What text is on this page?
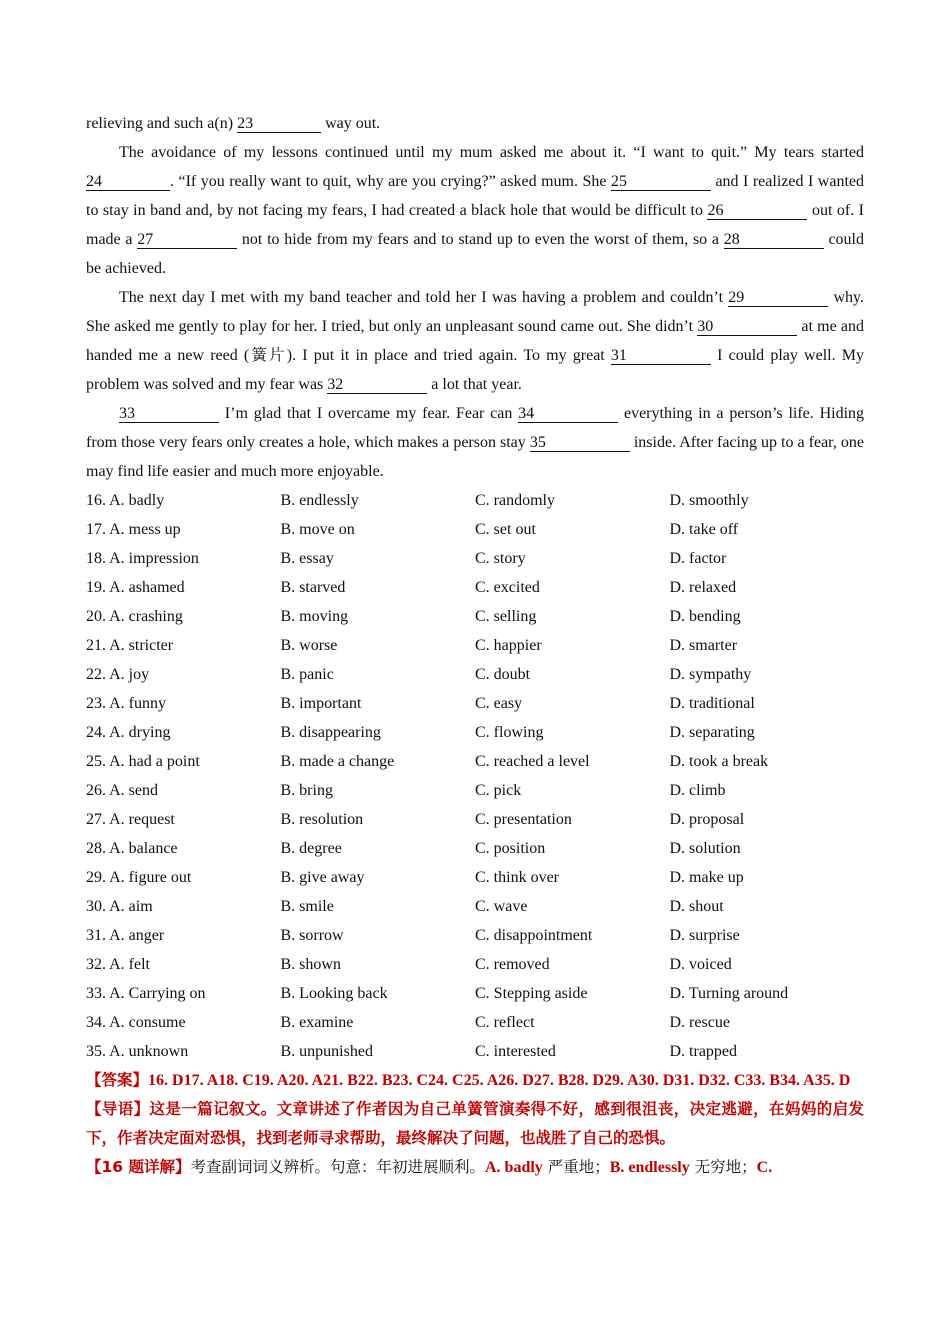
relieving and such a(n) 23	way out.

The avoidance of my lessons continued until my mum asked me about it. “I want to quit.” My tears started 24	. “If you really want to quit, why are you crying?” asked mum. She 25	and I realized I wanted to stay in band and, by not facing my fears, I had created a black hole that would be difficult to 26	out of. I made a 27	not to hide from my fears and to stand up to even the worst of them, so a 28	could be achieved.

The next day I met with my band teacher and told her I was having a problem and couldn’t 29	why. She asked me gently to play for her. I tried, but only an unpleasant sound came out. She didn’t 30	at me and handed me a new reed (簧片). I put it in place and tried again. To my great 31	I could play well. My problem was solved and my fear was 32	a lot that year.

33	I’m glad that I overcame my fear. Fear can 34	everything in a person’s life. Hiding from those very fears only creates a hole, which makes a person stay 35	inside. After facing up to a fear, one may find life easier and much more enjoyable.

16. A. badly	B. endlessly	C. randomly	D. smoothly
17. A. mess up	B. move on	C. set out	D. take off
18. A. impression	B. essay	C. story	D. factor
19. A. ashamed	B. starved	C. excited	D. relaxed
20. A. crashing	B. moving	C. selling	D. bending
21. A. stricter	B. worse	C. happier	D. smarter
22. A. joy	B. panic	C. doubt	D. sympathy
23. A. funny	B. important	C. easy	D. traditional
24. A. drying	B. disappearing	C. flowing	D. separating
25. A. had a point	B. made a change	C. reached a level	D. took a break
26. A. send	B. bring	C. pick	D. climb
27. A. request	B. resolution	C. presentation	D. proposal
28. A. balance	B. degree	C. position	D. solution
29. A. figure out	B. give away	C. think over	D. make up
30. A. aim	B. smile	C. wave	D. shout
31. A. anger	B. sorrow	C. disappointment	D. surprise
32. A. felt	B. shown	C. removed	D. voiced
33. A. Carrying on	B. Looking back	C. Stepping aside	D. Turning around
34. A. consume	B. examine	C. reflect	D. rescue
35. A. unknown	B. unpunished	C. interested	D. trapped

【答案】16. D17. A18. C19. A20. A21. B22. B23. C24. C25. A26. D27. B28. D29. A30. D31. D32. C33. B34. A35. D

【导语】这是一篇记叙文。文章讲述了作者因为自己单簧管演奏得不好，感到很沮丧，决定逃避，在妈妈的启发下，作者决定面对恐惧，找到老师寻求帮助，最终解决了问题，也战胜了自己的恐惧。

【16 题详解】考查副词词义辨析。句意：年初进展顺利。A. badly 严重地；B. endlessly 无穷地；C.
